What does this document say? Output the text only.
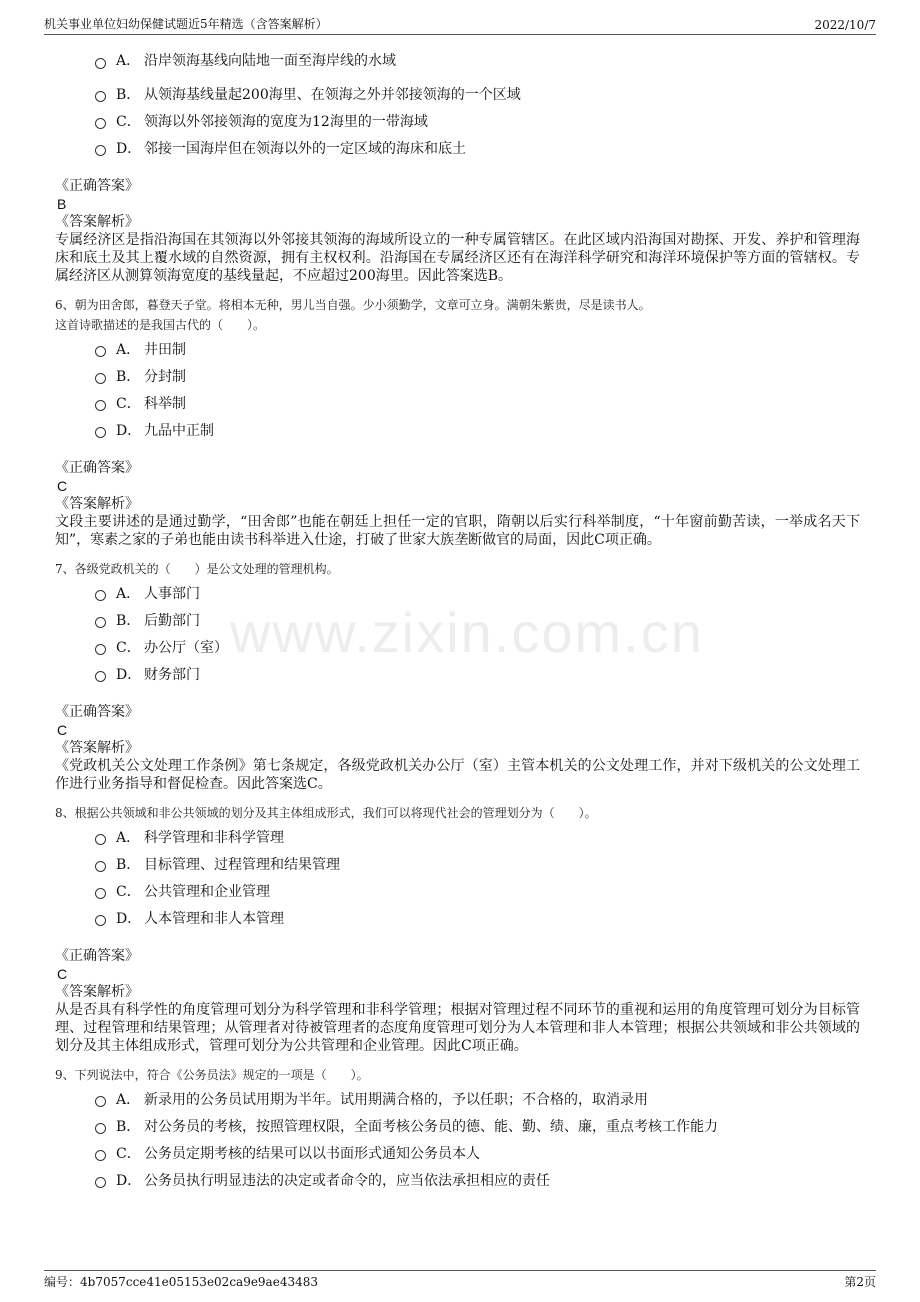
机关事业单位妇幼保健试题近5年精选（含答案解析）	2022/10/7
www.zixin.com.cn
A． 沿岸领海基线向陆地一面至海岸线的水域
B． 从领海基线量起200海里、在领海之外并邻接领海的一个区域
C． 领海以外邻接领海的宽度为12海里的一带海域
D． 邻接一国海岸但在领海以外的一定区域的海床和底土
《正确答案》
B
《答案解析》
专属经济区是指沿海国在其领海以外邻接其领海的海域所设立的一种专属管辖区。在此区域内沿海国对勘探、开发、养护和管理海床和底土及其上覆水域的自然资源，拥有主权权利。沿海国在专属经济区还有在海洋科学研究和海洋环境保护等方面的管辖权。专属经济区从测算领海宽度的基线量起，不应超过200海里。因此答案选B。
6、朝为田舍郎，暮登天子堂。将相本无种，男儿当自强。少小须勤学，文章可立身。满朝朱紫贵，尽是读书人。
这首诗歌描述的是我国古代的（　　）。
A． 井田制
B． 分封制
C． 科举制
D． 九品中正制
《正确答案》
C
《答案解析》
文段主要讲述的是通过勤学，“田舍郎”也能在朝廷上担任一定的官职，隋朝以后实行科举制度，“十年窗前勤苦读，一举成名天下知”，寒素之家的子弟也能由读书科举进入仕途，打破了世家大族垄断做官的局面，因此C项正确。
7、各级党政机关的（　　）是公文处理的管理机构。
A． 人事部门
B． 后勤部门
C． 办公厅（室）
D． 财务部门
《正确答案》
C
《答案解析》
《党政机关公文处理工作条例》第七条规定，各级党政机关办公厅（室）主管本机关的公文处理工作，并对下级机关的公文处理工作进行业务指导和督促检查。因此答案选C。
8、根据公共领域和非公共领域的划分及其主体组成形式，我们可以将现代社会的管理划分为（　　）。
A． 科学管理和非科学管理
B． 目标管理、过程管理和结果管理
C． 公共管理和企业管理
D． 人本管理和非人本管理
《正确答案》
C
《答案解析》
从是否具有科学性的角度管理可划分为科学管理和非科学管理；根据对管理过程不同环节的重视和运用的角度管理可划分为目标管理、过程管理和结果管理；从管理者对待被管理者的态度角度管理可划分为人本管理和非人本管理；根据公共领域和非公共领域的划分及其主体组成形式，管理可划分为公共管理和企业管理。因此C项正确。
9、下列说法中，符合《公务员法》规定的一项是（　　）。
A． 新录用的公务员试用期为半年。试用期满合格的，予以任职；不合格的，取消录用
B． 对公务员的考核，按照管理权限，全面考核公务员的德、能、勤、绩、廉，重点考核工作能力
C． 公务员定期考核的结果可以以书面形式通知公务员本人
D． 公务员执行明显违法的决定或者命令的，应当依法承担相应的责任
编号：4b7057cce41e05153e02ca9e9ae43483	第2页
